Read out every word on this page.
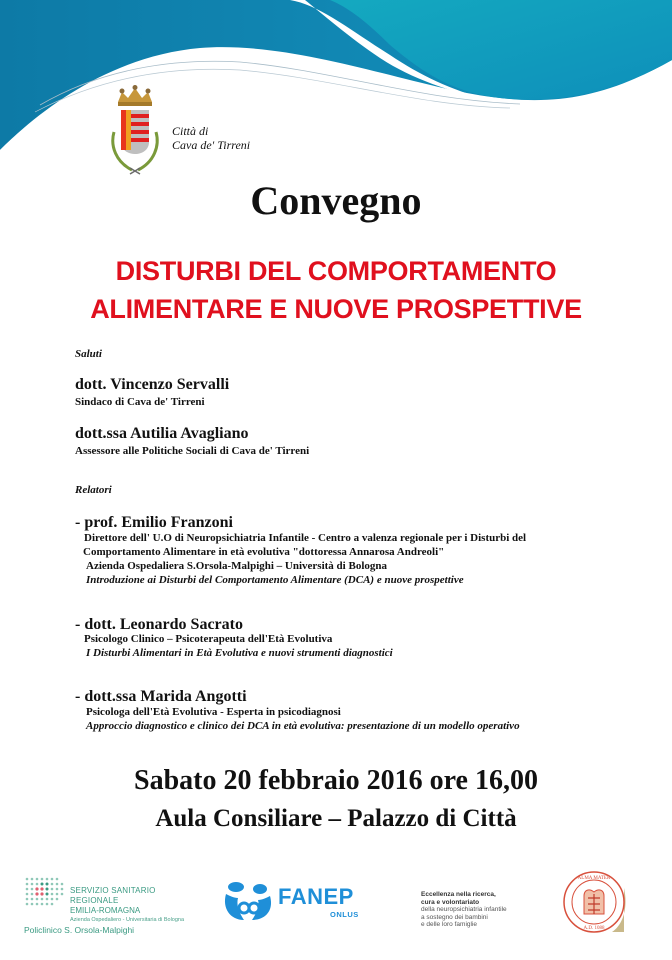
Città di
Cava de' Tirreni
Convegno
DISTURBI DEL COMPORTAMENTO
ALIMENTARE E NUOVE PROSPETTIVE
Saluti
dott. Vincenzo Servalli
Sindaco di Cava de' Tirreni
dott.ssa Autilia Avagliano
Assessore alle Politiche Sociali di Cava de' Tirreni
Relatori
- prof. Emilio Franzoni
Direttore dell' U.O di Neuropsichiatria Infantile - Centro a valenza regionale per i Disturbi del
Comportamento Alimentare in età evolutiva "dottoressa Annarosa Andreoli"
Azienda Ospedaliera S.Orsola-Malpighi – Università di Bologna
Introduzione ai Disturbi del Comportamento Alimentare (DCA) e nuove prospettive
- dott. Leonardo Sacrato
Psicologo Clinico – Psicoterapeuta dell'Età Evolutiva
I Disturbi Alimentari in Età Evolutiva e nuovi strumenti diagnostici
- dott.ssa Marida Angotti
Psicologa dell'Età Evolutiva - Esperta in psicodiagnosi
Approccio diagnostico e clinico dei DCA in età evolutiva: presentazione di un modello operativo
Sabato 20 febbraio 2016 ore 16,00
Aula Consiliare – Palazzo di Città
SERVIZIO SANITARIO REGIONALE
EMILIA-ROMAGNA
Azienda Ospedaliero - Universitaria di Bologna
Policlinico S. Orsola-Malpighi
FANEP
ONLUS
Eccellenza nella ricerca,
cura e volontariato
della neuropsichiatria infantile
a sostegno dei bambini
e delle loro famiglie
ALMA MATER
A.D. 1088
